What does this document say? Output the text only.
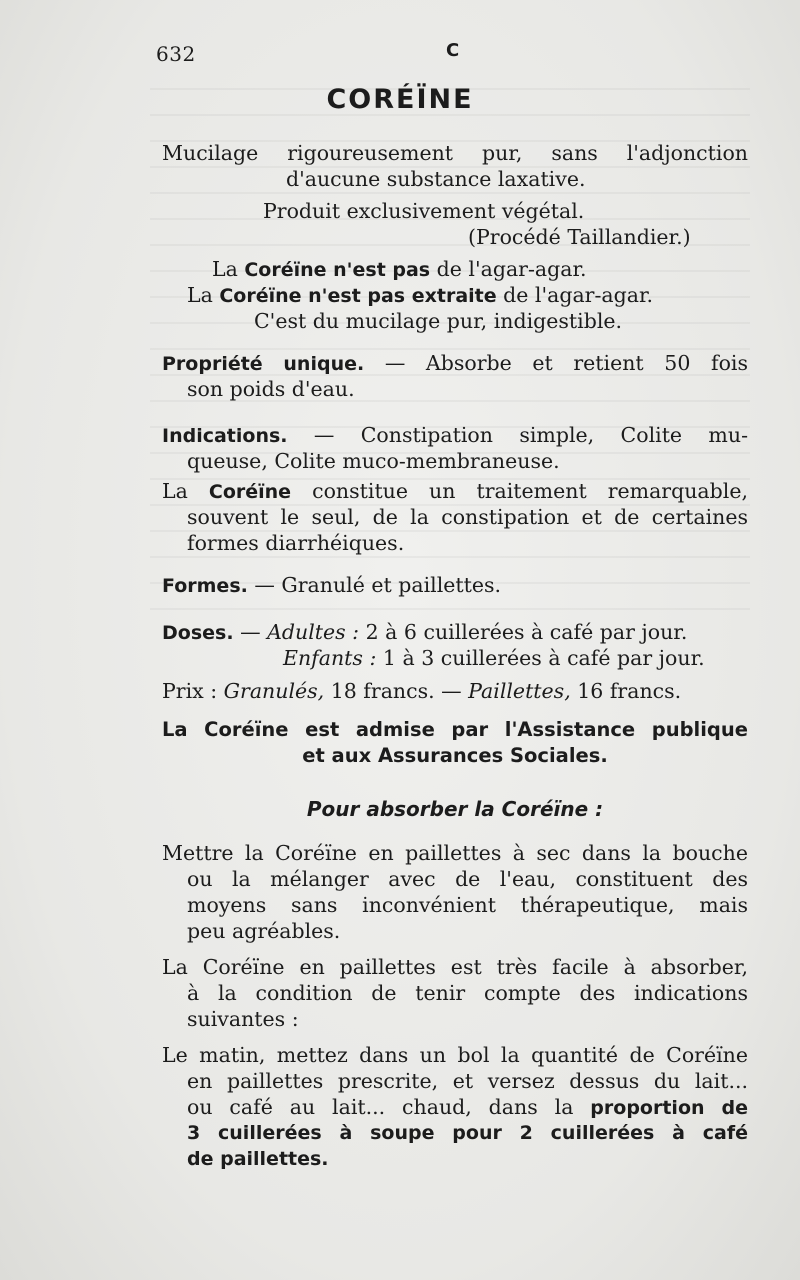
632	C
CORÉÏNE
Mucilage rigoureusement pur, sans l'adjonction
d'aucune substance laxative.
Produit exclusivement végétal.
(Procédé Taillandier.)
La Coréïne n'est pas de l'agar-agar.
La Coréïne n'est pas extraite de l'agar-agar.
C'est du mucilage pur, indigestible.
Propriété unique. — Absorbe et retient 50 fois
son poids d'eau.
Indications. — Constipation simple, Colite mu-
queuse, Colite muco-membraneuse.
La Coréïne constitue un traitement remarquable,
souvent le seul, de la constipation et de certaines
formes diarrhéiques.
Formes. — Granulé et paillettes.
Doses. — Adultes : 2 à 6 cuillerées à café par jour.
Enfants : 1 à 3 cuillerées à café par jour.
Prix : Granulés, 18 francs. — Paillettes, 16 francs.
La Coréïne est admise par l'Assistance publique
et aux Assurances Sociales.
Pour absorber la Coréïne :
Mettre la Coréïne en paillettes à sec dans la bouche
ou la mélanger avec de l'eau, constituent des
moyens sans inconvénient thérapeutique, mais
peu agréables.
La Coréïne en paillettes est très facile à absorber,
à la condition de tenir compte des indications
suivantes :
Le matin, mettez dans un bol la quantité de Coréïne
en paillettes prescrite, et versez dessus du lait...
ou café au lait... chaud, dans la proportion de
3 cuillerées à soupe pour 2 cuillerées à café
de paillettes.
